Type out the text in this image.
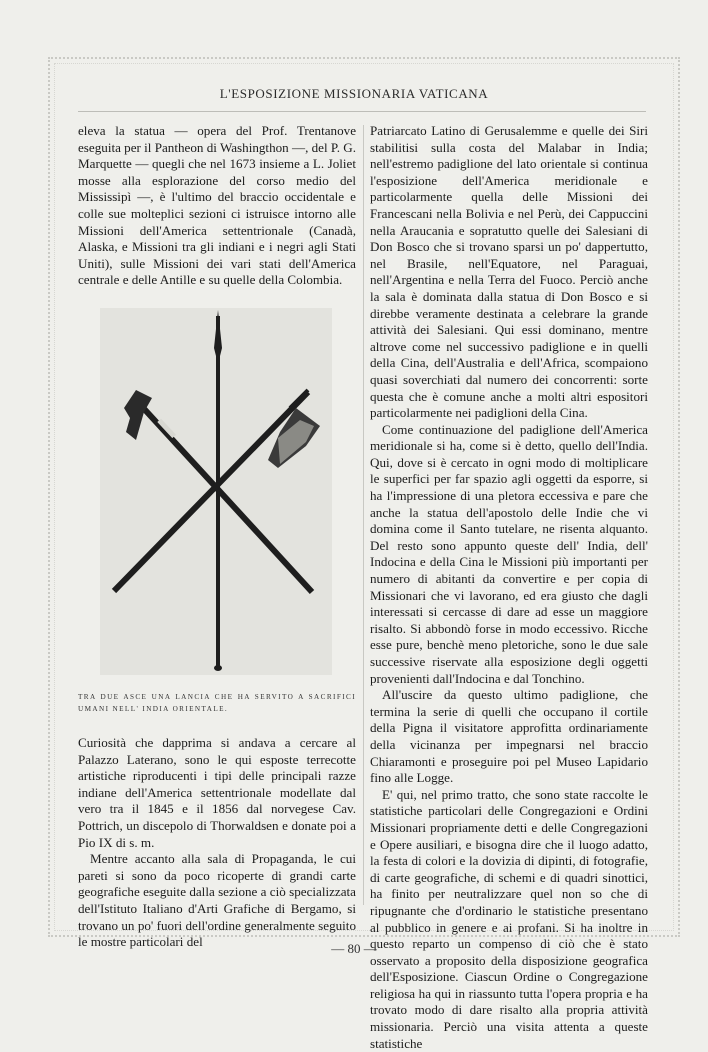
L'ESPOSIZIONE MISSIONARIA VATICANA

eleva la statua — opera del Prof. Trentanove eseguita per il Pantheon di Washingthon —, del P. G. Marquette — quegli che nel 1673 insieme a L. Joliet mosse alla esplorazione del corso medio del Mississipì —, è l'ultimo del braccio occidentale e colle sue molteplici sezioni ci istruisce intorno alle Missioni dell'America settentrionale (Canadà, Alaska, e Missioni tra gli indiani e i negri agli Stati Uniti), sulle Missioni dei vari stati dell'America centrale e delle Antille e su quelle della Colombia.

TRA DUE ASCE UNA LANCIA CHE HA SERVITO A SACRIFICI UMANI NELL' INDIA ORIENTALE.

Curiosità che dapprima si andava a cercare al Palazzo Laterano, sono le qui esposte terrecotte artistiche riproducenti i tipi delle principali razze indiane dell'America settentrionale modellate dal vero tra il 1845 e il 1856 dal norvegese Cav. Pottrich, un discepolo di Thorwaldsen e donate poi a Pio IX di s. m.

Mentre accanto alla sala di Propaganda, le cui pareti si sono da poco ricoperte di grandi carte geografiche eseguite dalla sezione a ciò specializzata dell'Istituto Italiano d'Arti Grafiche di Bergamo, si trovano un po' fuori dell'ordine generalmente seguito le mostre particolari del

Patriarcato Latino di Gerusalemme e quelle dei Siri stabilitisi sulla costa del Malabar in India; nell'estremo padiglione del lato orientale si continua l'esposizione dell'America meridionale e particolarmente quella delle Missioni dei Francescani nella Bolivia e nel Perù, dei Cappuccini nella Araucania e sopratutto quelle dei Salesiani di Don Bosco che si trovano sparsi un po' dappertutto, nel Brasile, nell'Equatore, nel Paraguai, nell'Argentina e nella Terra del Fuoco. Perciò anche la sala è dominata dalla statua di Don Bosco e si direbbe veramente destinata a celebrare la grande attività dei Salesiani. Qui essi dominano, mentre altrove come nel successivo padiglione e in quelli della Cina, dell'Australia e dell'Africa, scompaiono quasi soverchiati dal numero dei concorrenti: sorte questa che è comune anche a molti altri espositori particolarmente nei padiglioni della Cina.

Come continuazione del padiglione dell'America meridionale si ha, come si è detto, quello dell'India. Qui, dove si è cercato in ogni modo di moltiplicare le superfici per far spazio agli oggetti da esporre, si ha l'impressione di una pletora eccessiva e pare che anche la statua dell'apostolo delle Indie che vi domina come il Santo tutelare, ne risenta alquanto. Del resto sono appunto queste dell' India, dell' Indocina e della Cina le Missioni più importanti per numero di abitanti da convertire e per copia di Missionari che vi lavorano, ed era giusto che dagli interessati si cercasse di dare ad esse un maggiore risalto. Si abbondò forse in modo eccessivo. Ricche esse pure, benchè meno pletoriche, sono le due sale successive riservate alla esposizione degli oggetti provenienti dall'Indocina e dal Tonchino.

All'uscire da questo ultimo padiglione, che termina la serie di quelli che occupano il cortile della Pigna il visitatore approfitta ordinariamente della vicinanza per impegnarsi nel braccio Chiaramonti e proseguire poi pel Museo Lapidario fino alle Logge.

E' qui, nel primo tratto, che sono state raccolte le statistiche particolari delle Congregazioni e Ordini Missionari propriamente detti e delle Congregazioni e Opere ausiliari, e bisogna dire che il luogo adatto, la festa di colori e la dovizia di dipinti, di fotografie, di carte geografiche, di schemi e di quadri sinottici, ha finito per neutralizzare quel non so che di ripugnante che d'ordinario le statistiche presentano al pubblico in genere e ai profani. Si ha inoltre in questo reparto un compenso di ciò che è stato osservato a proposito della disposizione geografica dell'Esposizione. Ciascun Ordine o Congregazione religiosa ha qui in riassunto tutta l'opera propria e ha trovato modo di dare risalto alla propria attività missionaria. Perciò una visita attenta a queste statistiche

— 80 —
